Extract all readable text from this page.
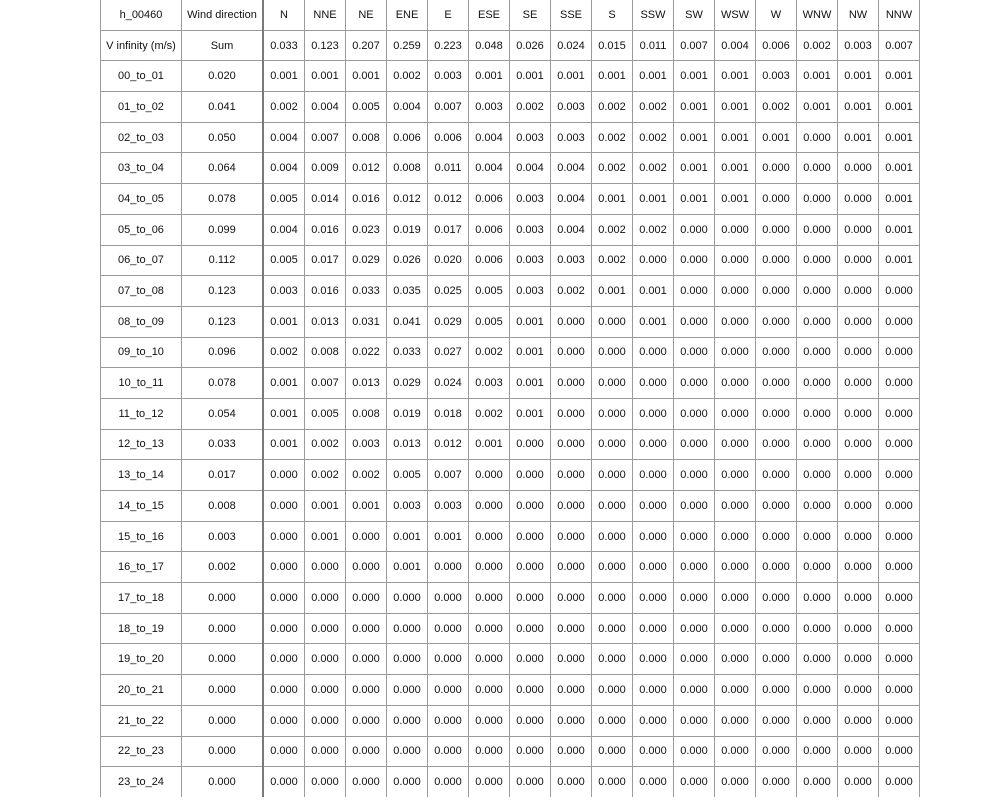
h_00460	Wind direction	N	NNE	NE	ENE	E	ESE	SE	SSE	S	SSW	SW	WSW	W	WNW	NW	NNW
V infinity (m/s)	Sum	0.033	0.123	0.207	0.259	0.223	0.048	0.026	0.024	0.015	0.011	0.007	0.004	0.006	0.002	0.003	0.007
00_to_01	0.020	0.001	0.001	0.001	0.002	0.003	0.001	0.001	0.001	0.001	0.001	0.001	0.001	0.003	0.001	0.001	0.001
01_to_02	0.041	0.002	0.004	0.005	0.004	0.007	0.003	0.002	0.003	0.002	0.002	0.001	0.001	0.002	0.001	0.001	0.001
02_to_03	0.050	0.004	0.007	0.008	0.006	0.006	0.004	0.003	0.003	0.002	0.002	0.001	0.001	0.001	0.000	0.001	0.001
03_to_04	0.064	0.004	0.009	0.012	0.008	0.011	0.004	0.004	0.004	0.002	0.002	0.001	0.001	0.000	0.000	0.000	0.001
04_to_05	0.078	0.005	0.014	0.016	0.012	0.012	0.006	0.003	0.004	0.001	0.001	0.001	0.001	0.000	0.000	0.000	0.001
05_to_06	0.099	0.004	0.016	0.023	0.019	0.017	0.006	0.003	0.004	0.002	0.002	0.000	0.000	0.000	0.000	0.000	0.001
06_to_07	0.112	0.005	0.017	0.029	0.026	0.020	0.006	0.003	0.003	0.002	0.000	0.000	0.000	0.000	0.000	0.000	0.001
07_to_08	0.123	0.003	0.016	0.033	0.035	0.025	0.005	0.003	0.002	0.001	0.001	0.000	0.000	0.000	0.000	0.000	0.000
08_to_09	0.123	0.001	0.013	0.031	0.041	0.029	0.005	0.001	0.000	0.000	0.001	0.000	0.000	0.000	0.000	0.000	0.000
09_to_10	0.096	0.002	0.008	0.022	0.033	0.027	0.002	0.001	0.000	0.000	0.000	0.000	0.000	0.000	0.000	0.000	0.000
10_to_11	0.078	0.001	0.007	0.013	0.029	0.024	0.003	0.001	0.000	0.000	0.000	0.000	0.000	0.000	0.000	0.000	0.000
11_to_12	0.054	0.001	0.005	0.008	0.019	0.018	0.002	0.001	0.000	0.000	0.000	0.000	0.000	0.000	0.000	0.000	0.000
12_to_13	0.033	0.001	0.002	0.003	0.013	0.012	0.001	0.000	0.000	0.000	0.000	0.000	0.000	0.000	0.000	0.000	0.000
13_to_14	0.017	0.000	0.002	0.002	0.005	0.007	0.000	0.000	0.000	0.000	0.000	0.000	0.000	0.000	0.000	0.000	0.000
14_to_15	0.008	0.000	0.001	0.001	0.003	0.003	0.000	0.000	0.000	0.000	0.000	0.000	0.000	0.000	0.000	0.000	0.000
15_to_16	0.003	0.000	0.001	0.000	0.001	0.001	0.000	0.000	0.000	0.000	0.000	0.000	0.000	0.000	0.000	0.000	0.000
16_to_17	0.002	0.000	0.000	0.000	0.001	0.000	0.000	0.000	0.000	0.000	0.000	0.000	0.000	0.000	0.000	0.000	0.000
17_to_18	0.000	0.000	0.000	0.000	0.000	0.000	0.000	0.000	0.000	0.000	0.000	0.000	0.000	0.000	0.000	0.000	0.000
18_to_19	0.000	0.000	0.000	0.000	0.000	0.000	0.000	0.000	0.000	0.000	0.000	0.000	0.000	0.000	0.000	0.000	0.000
19_to_20	0.000	0.000	0.000	0.000	0.000	0.000	0.000	0.000	0.000	0.000	0.000	0.000	0.000	0.000	0.000	0.000	0.000
20_to_21	0.000	0.000	0.000	0.000	0.000	0.000	0.000	0.000	0.000	0.000	0.000	0.000	0.000	0.000	0.000	0.000	0.000
21_to_22	0.000	0.000	0.000	0.000	0.000	0.000	0.000	0.000	0.000	0.000	0.000	0.000	0.000	0.000	0.000	0.000	0.000
22_to_23	0.000	0.000	0.000	0.000	0.000	0.000	0.000	0.000	0.000	0.000	0.000	0.000	0.000	0.000	0.000	0.000	0.000
23_to_24	0.000	0.000	0.000	0.000	0.000	0.000	0.000	0.000	0.000	0.000	0.000	0.000	0.000	0.000	0.000	0.000	0.000
